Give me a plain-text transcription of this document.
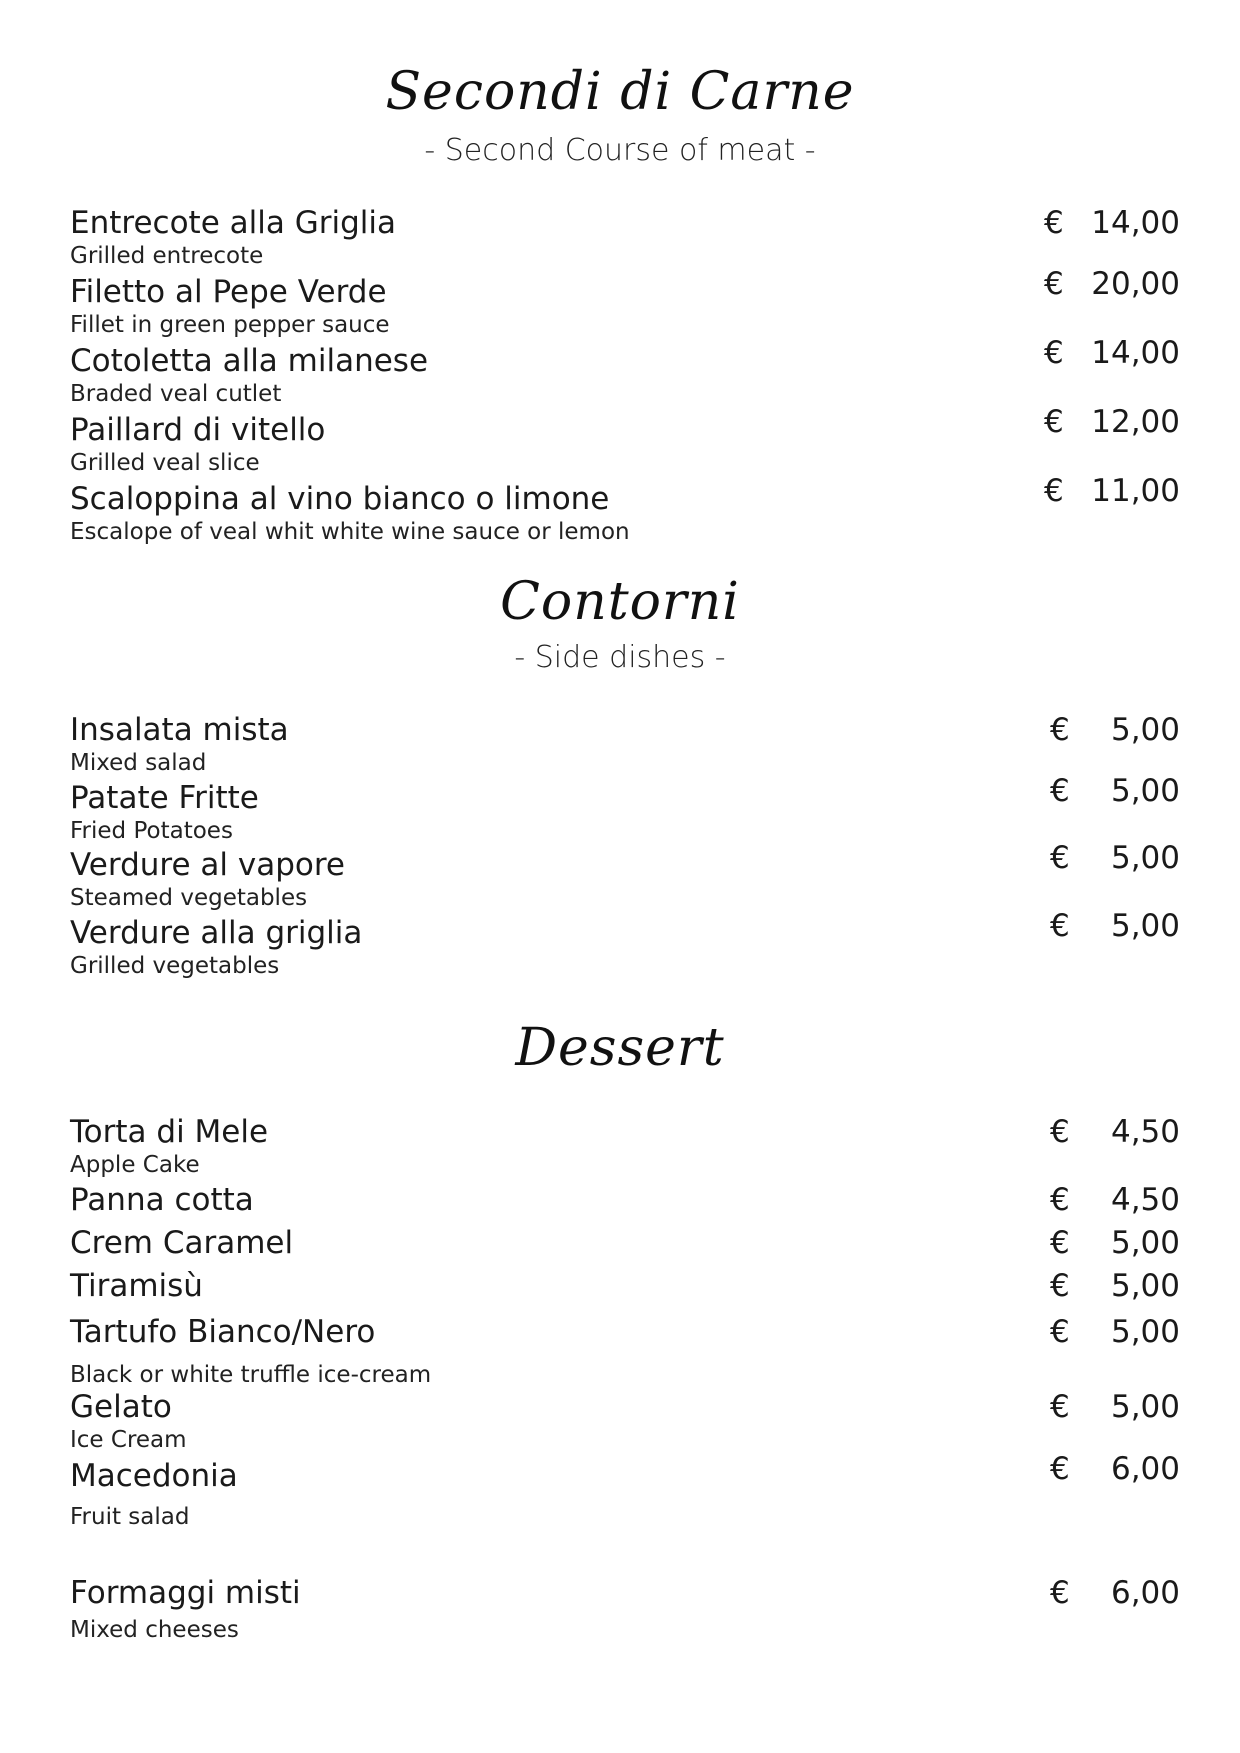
Secondi di Carne
- Second Course of meat -
Entrecote alla Griglia
Grilled entrecote
€ 14,00
Filetto al Pepe Verde
Fillet in green pepper sauce
€ 20,00
Cotoletta alla milanese
Braded veal cutlet
€ 14,00
Paillard di vitello
Grilled veal slice
€ 12,00
Scaloppina al vino bianco o limone
Escalope of veal whit white wine sauce or lemon
€ 11,00
Contorni
- Side dishes -
Insalata mista
Mixed salad
€ 5,00
Patate Fritte
Fried Potatoes
€ 5,00
Verdure al vapore
Steamed vegetables
€ 5,00
Verdure alla griglia
Grilled vegetables
€ 5,00
Dessert
Torta di Mele
Apple Cake
€ 4,50
Panna cotta	€ 4,50
Crem Caramel	€ 5,00
Tiramisù	€ 5,00
Tartufo Bianco/Nero
Black or white truffle ice-cream
€ 5,00
Gelato
Ice Cream
€ 5,00
Macedonia
Fruit salad
€ 6,00
Formaggi misti
Mixed cheeses
€ 6,00
